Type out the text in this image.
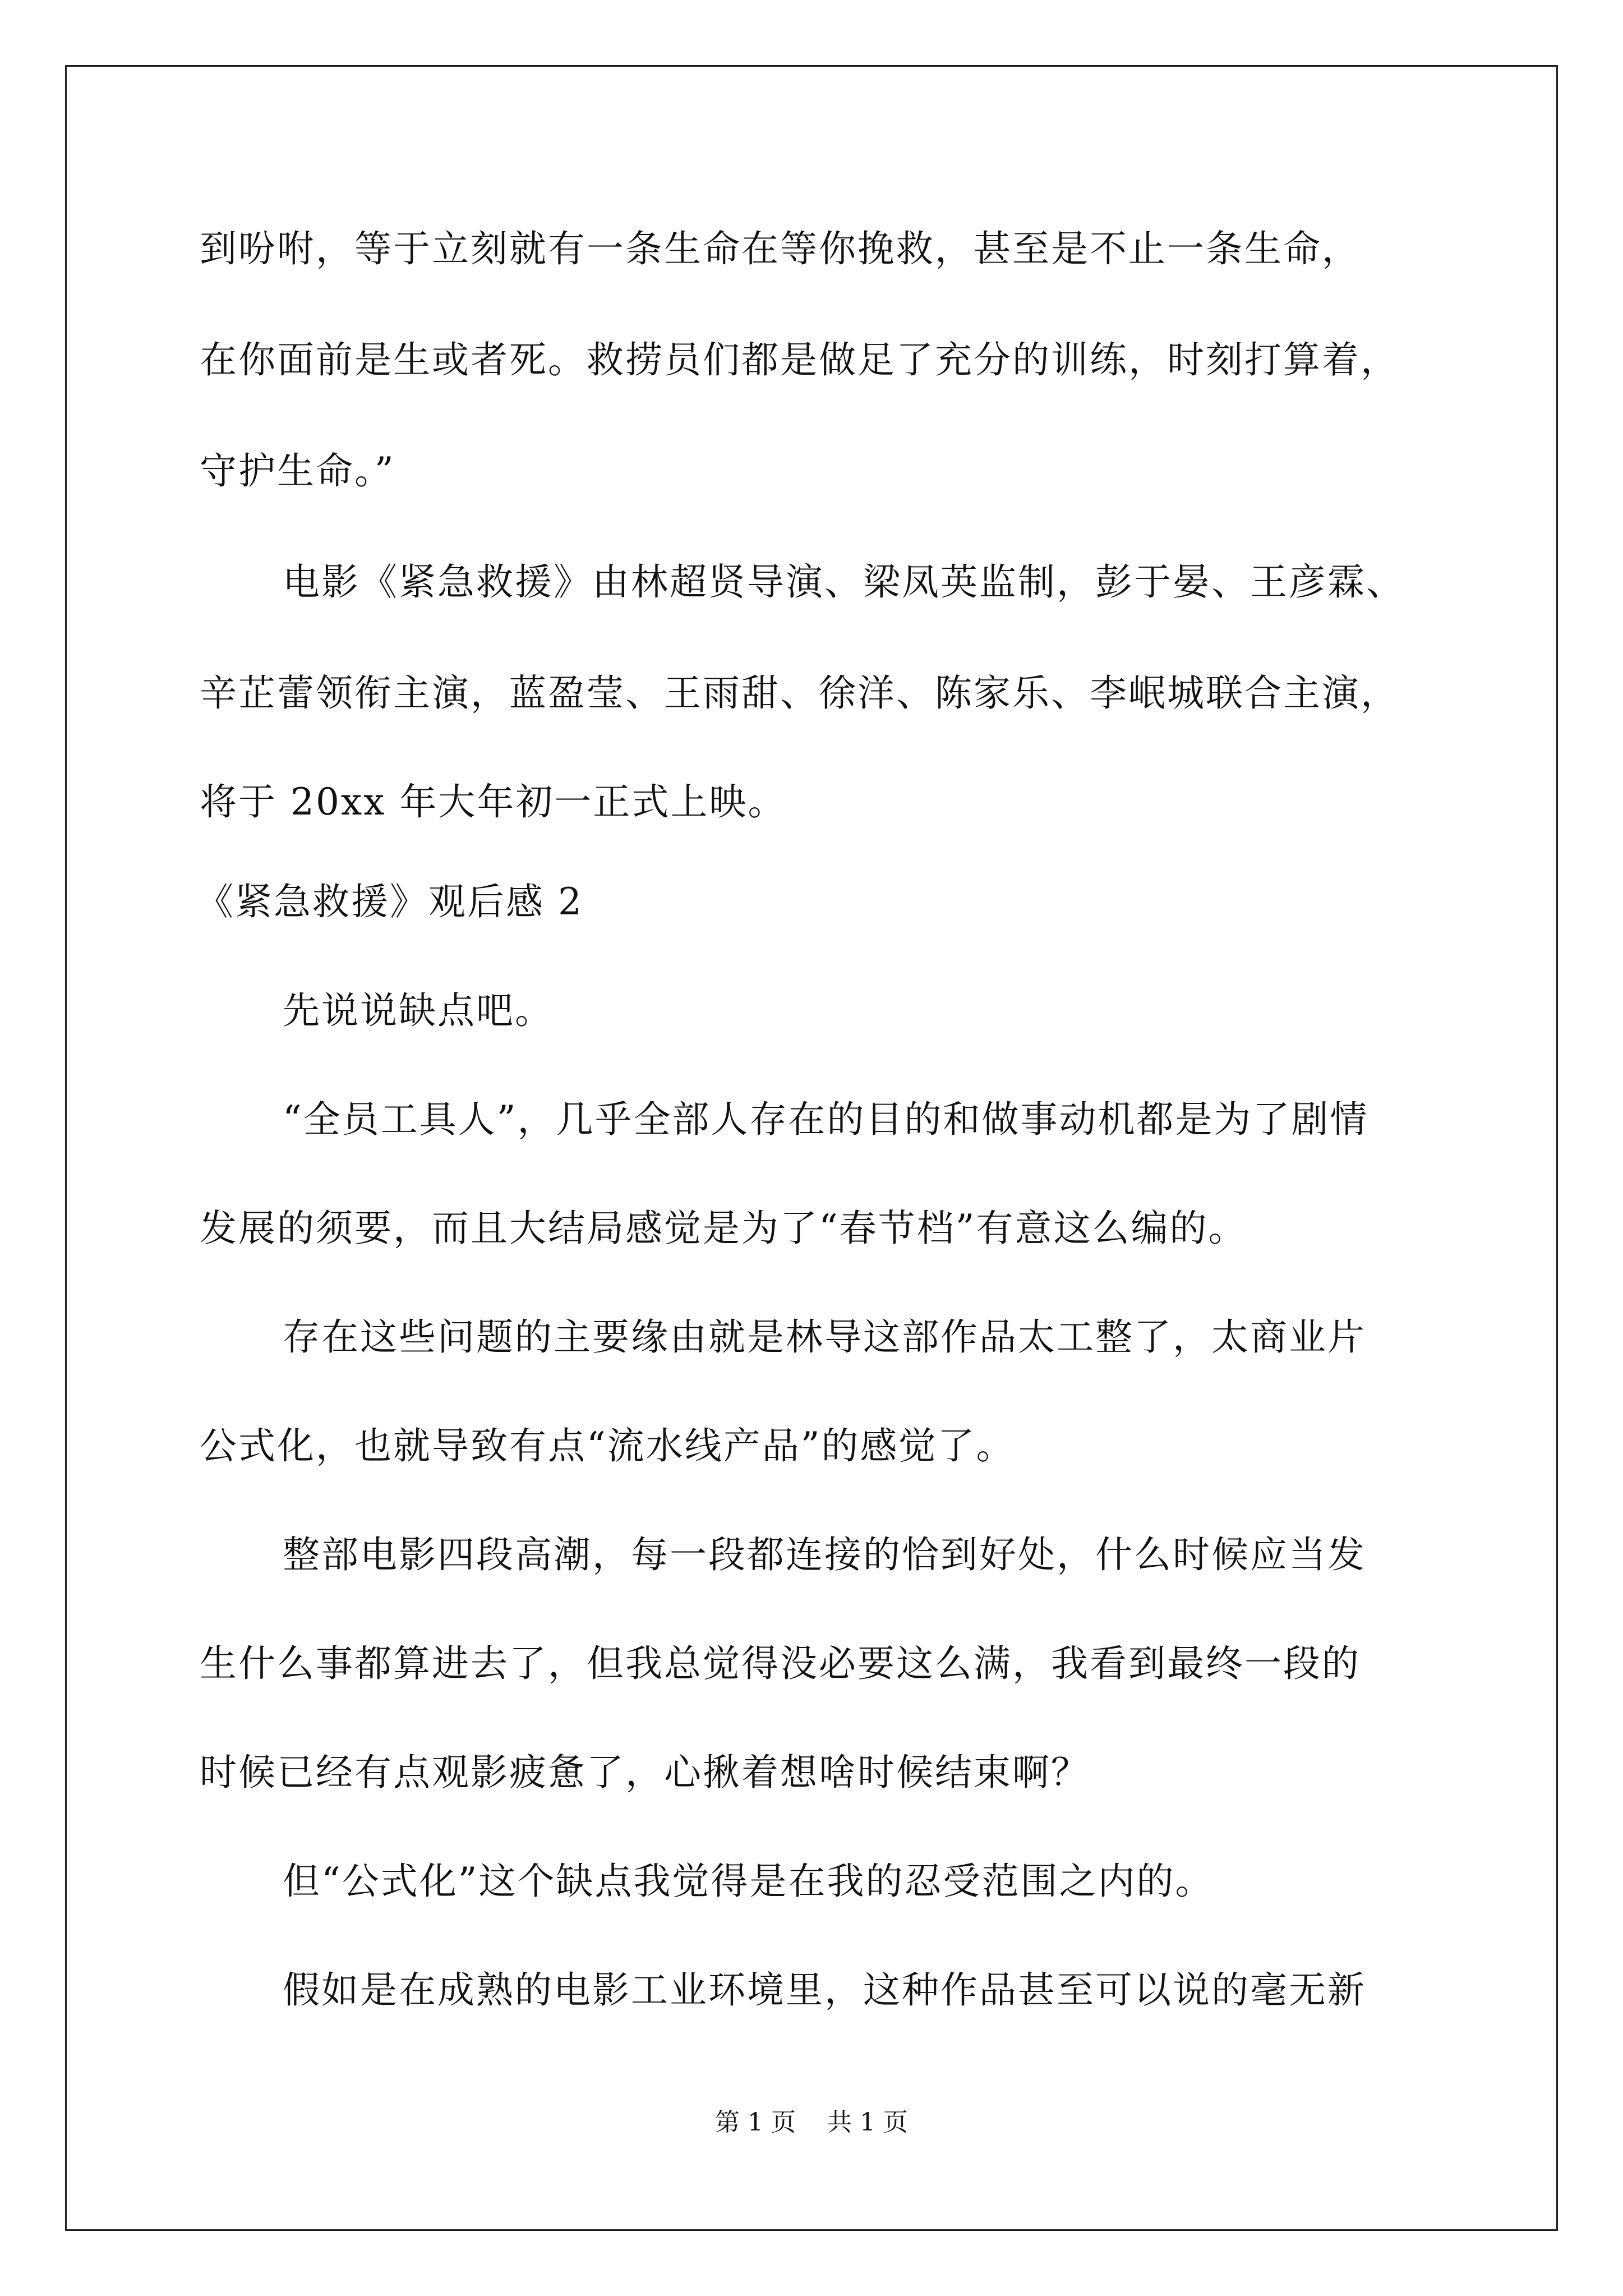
到吩咐，等于立刻就有一条生命在等你挽救，甚至是不止一条生命，
在你面前是生或者死。救捞员们都是做足了充分的训练，时刻打算着，
守护生命。”
电影《紧急救援》由林超贤导演、梁凤英监制，彭于晏、王彦霖、
辛芷蕾领衔主演，蓝盈莹、王雨甜、徐洋、陈家乐、李岷城联合主演，
将于 20xx 年大年初一正式上映。
《紧急救援》观后感 2
先说说缺点吧。
“全员工具人”，几乎全部人存在的目的和做事动机都是为了剧情
发展的须要，而且大结局感觉是为了“春节档”有意这么编的。
存在这些问题的主要缘由就是林导这部作品太工整了，太商业片
公式化，也就导致有点“流水线产品”的感觉了。
整部电影四段高潮，每一段都连接的恰到好处，什么时候应当发
生什么事都算进去了，但我总觉得没必要这么满，我看到最终一段的
时候已经有点观影疲惫了，心揪着想啥时候结束啊？
但“公式化”这个缺点我觉得是在我的忍受范围之内的。
假如是在成熟的电影工业环境里，这种作品甚至可以说的毫无新
第 1 页    共 1 页
